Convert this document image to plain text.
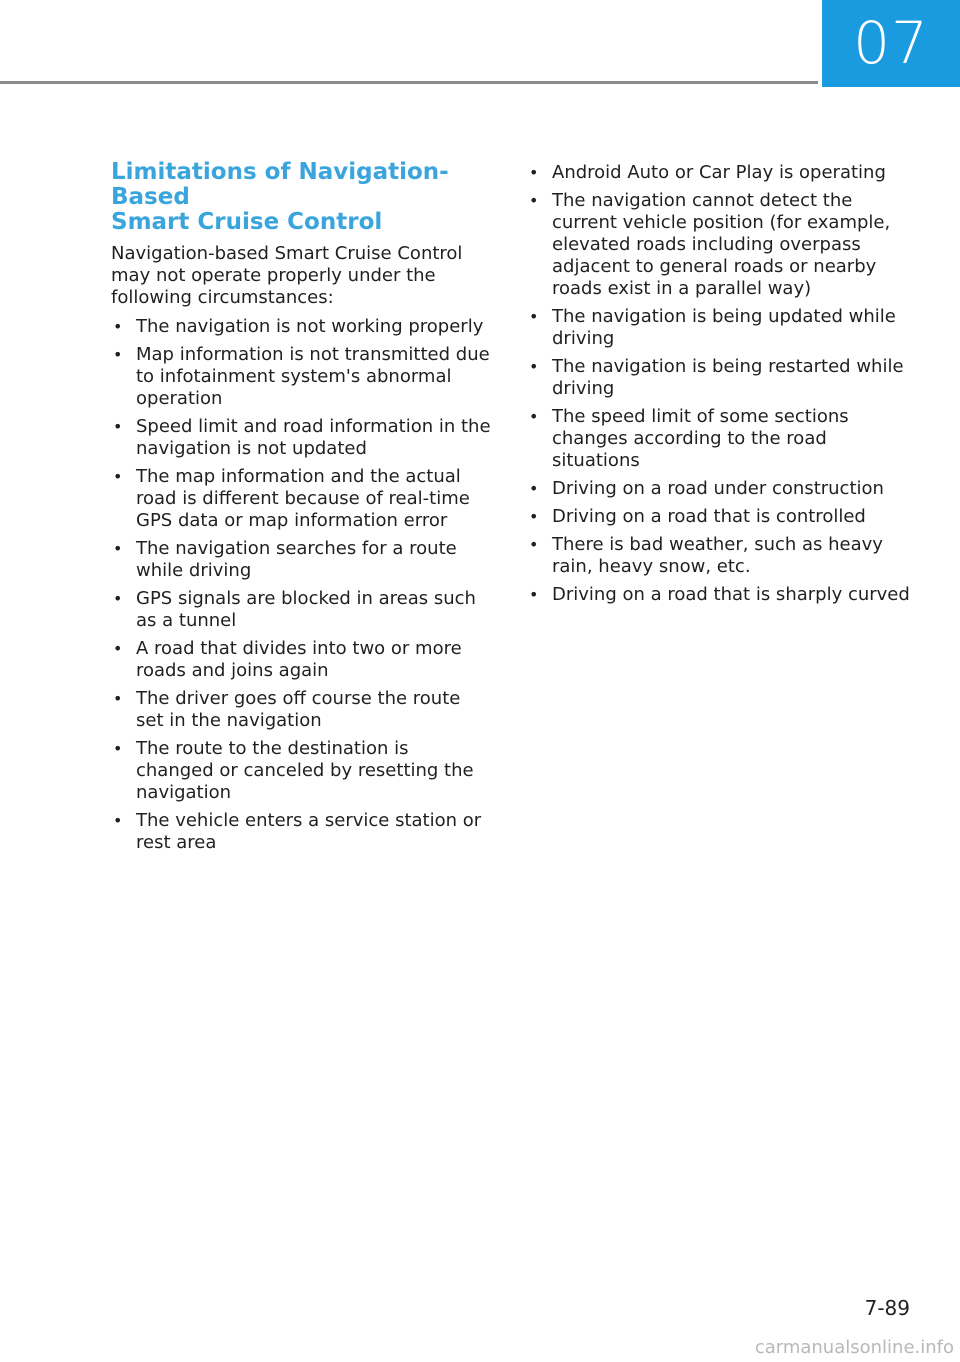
07
Limitations of Navigation-Based
Smart Cruise Control

Navigation-based Smart Cruise Control may not operate properly under the following circumstances:

• The navigation is not working properly
• Map information is not transmitted due to infotainment system's abnormal operation
• Speed limit and road information in the navigation is not updated
• The map information and the actual road is different because of real-time GPS data or map information error
• The navigation searches for a route while driving
• GPS signals are blocked in areas such as a tunnel
• A road that divides into two or more roads and joins again
• The driver goes off course the route set in the navigation
• The route to the destination is changed or canceled by resetting the navigation
• The vehicle enters a service station or rest area
• Android Auto or Car Play is operating
• The navigation cannot detect the current vehicle position (for example, elevated roads including overpass adjacent to general roads or nearby roads exist in a parallel way)
• The navigation is being updated while driving
• The navigation is being restarted while driving
• The speed limit of some sections changes according to the road situations
• Driving on a road under construction
• Driving on a road that is controlled
• There is bad weather, such as heavy rain, heavy snow, etc.
• Driving on a road that is sharply curved
7-89
carmanualsonline.info
